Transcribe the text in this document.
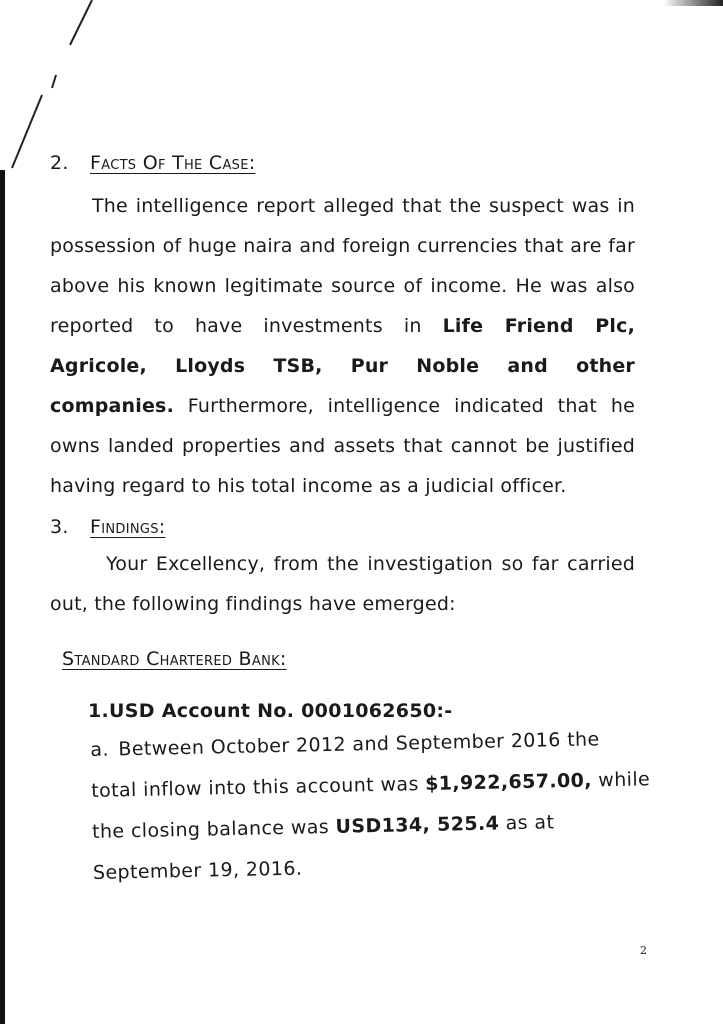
2. Facts Of The Case:
The intelligence report alleged that the suspect was in possession of huge naira and foreign currencies that are far above his known legitimate source of income. He was also reported to have investments in Life Friend Plc, Agricole, Lloyds TSB, Pur Noble and other companies. Furthermore, intelligence indicated that he owns landed properties and assets that cannot be justified having regard to his total income as a judicial officer.
3. Findings:
Your Excellency, from the investigation so far carried out, the following findings have emerged:
Standard Chartered Bank:
1.USD Account No. 0001062650:-
a. Between October 2012 and September 2016 the total inflow into this account was $1,922,657.00, while the closing balance was USD134, 525.4 as at September 19, 2016.
2
